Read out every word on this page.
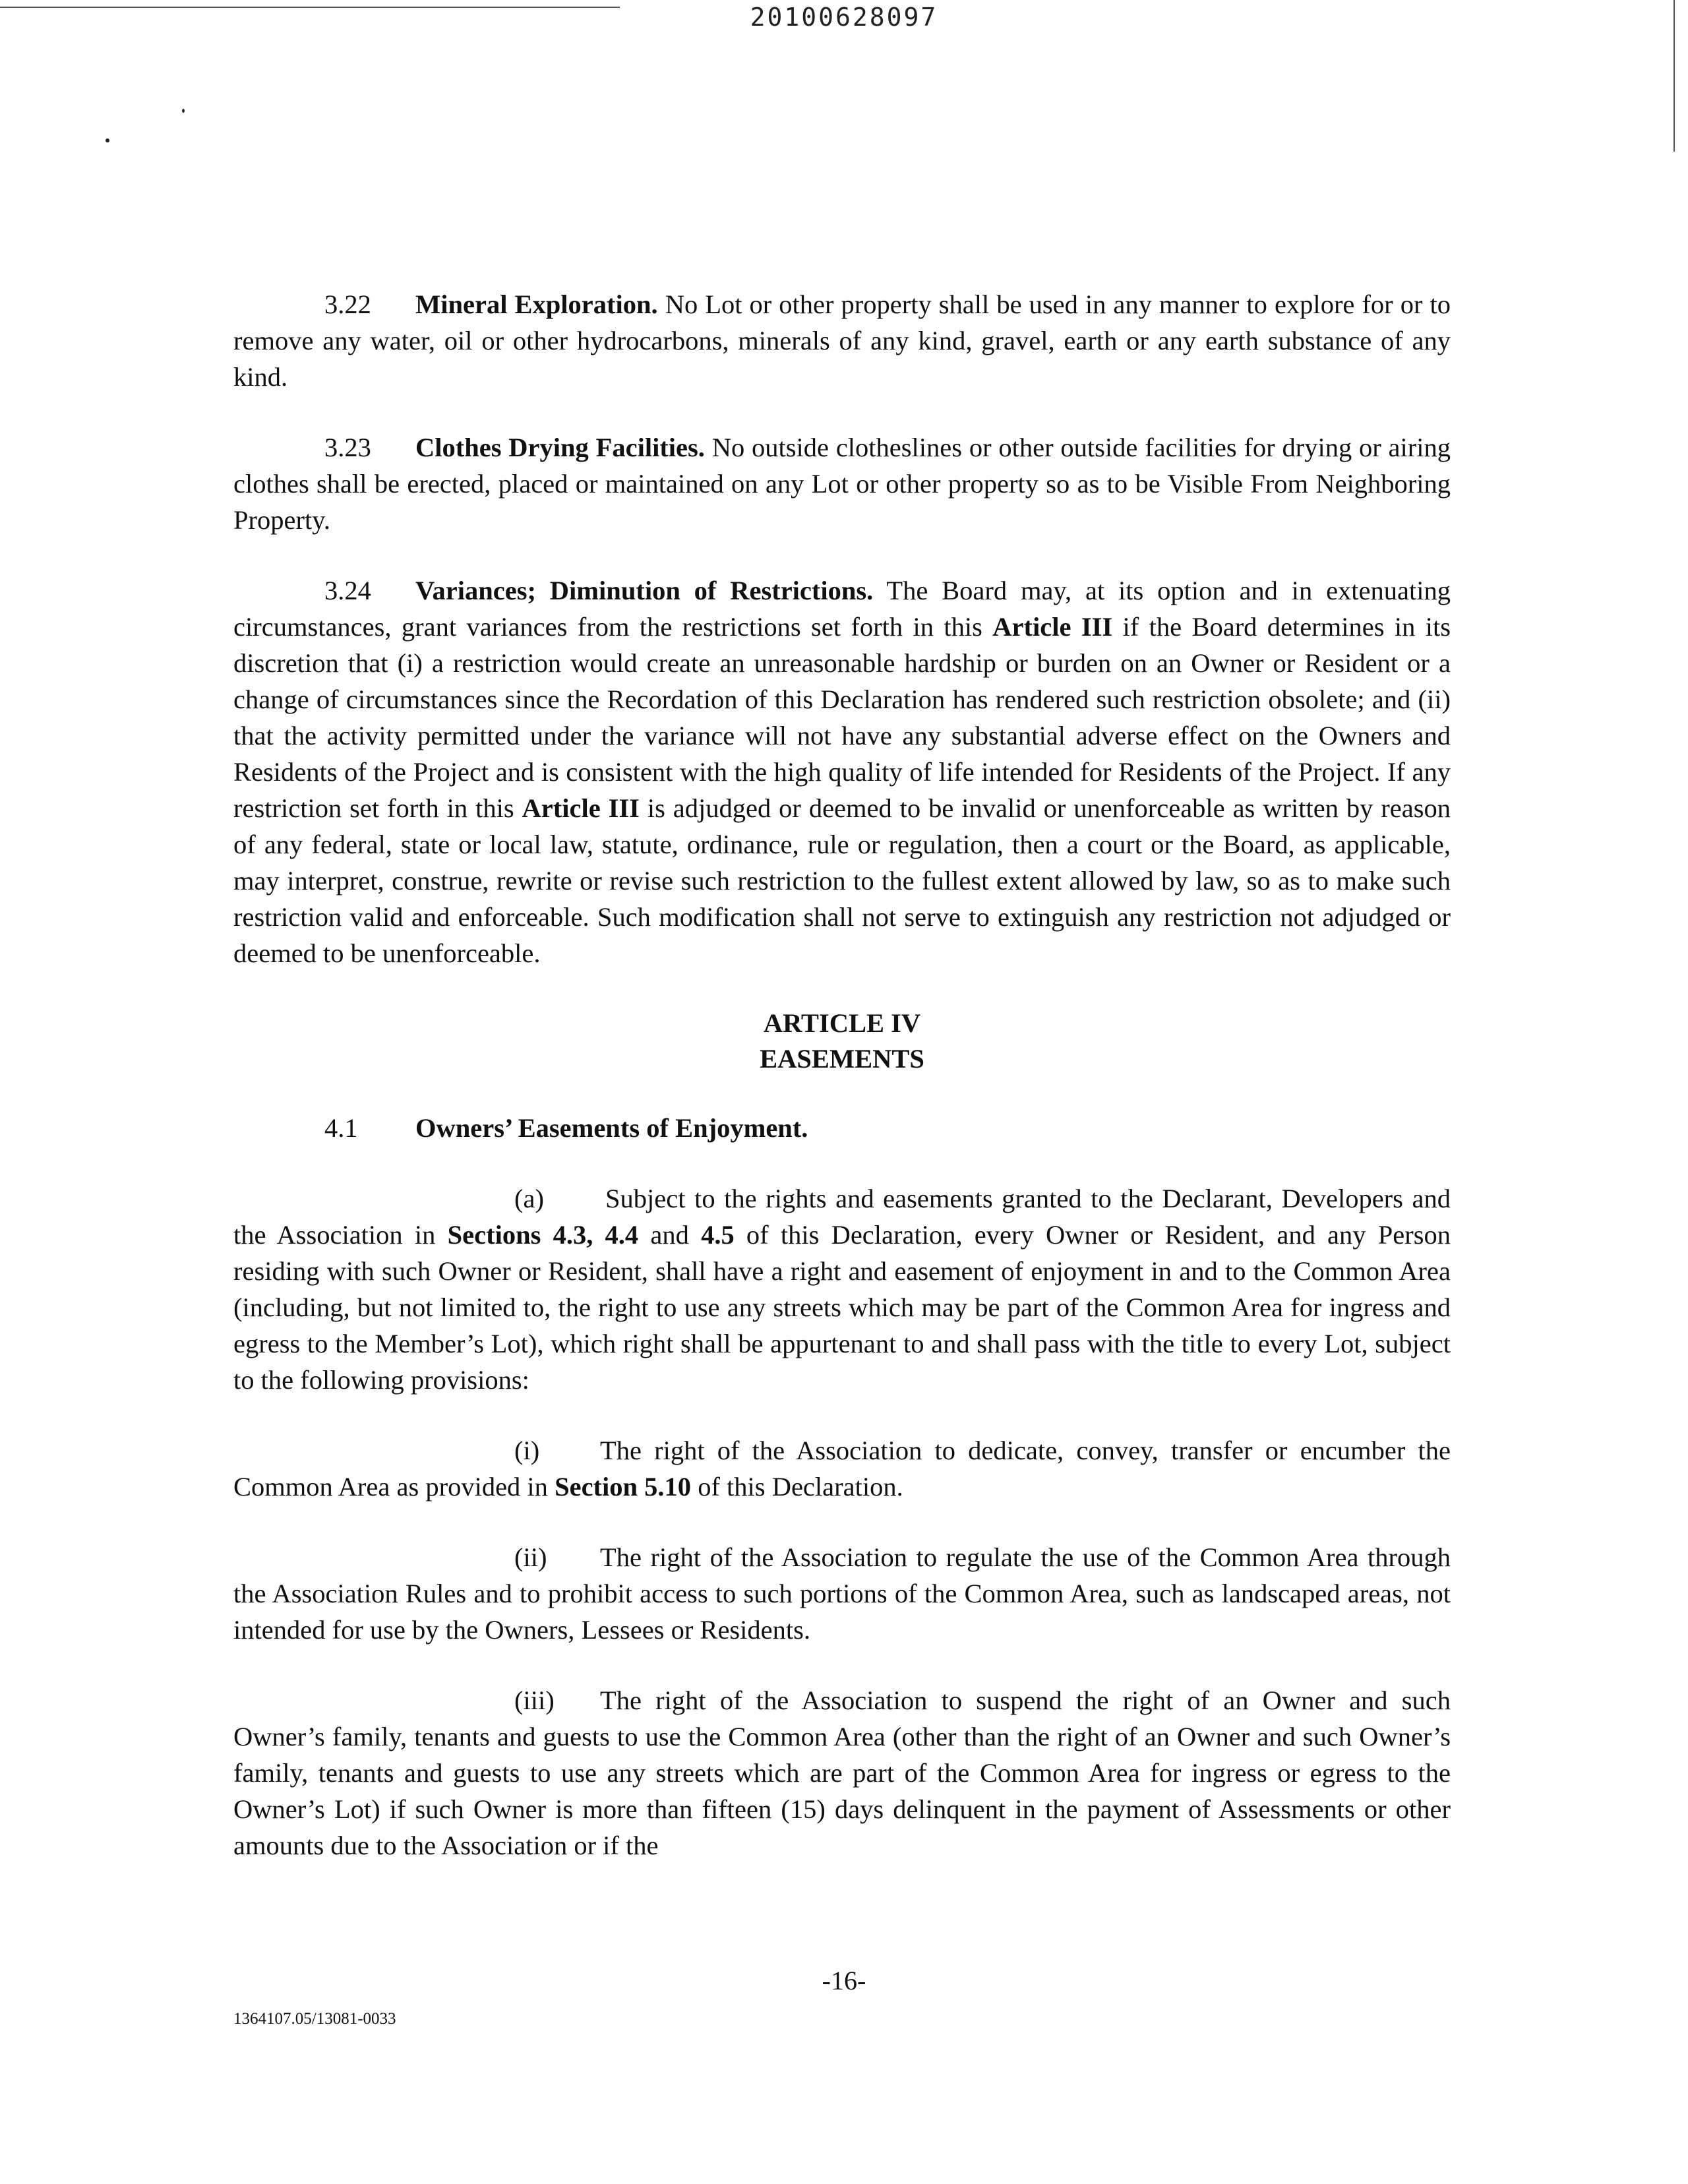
20100628097

3.22 Mineral Exploration. No Lot or other property shall be used in any manner to explore for or to remove any water, oil or other hydrocarbons, minerals of any kind, gravel, earth or any earth substance of any kind.

3.23 Clothes Drying Facilities. No outside clotheslines or other outside facilities for drying or airing clothes shall be erected, placed or maintained on any Lot or other property so as to be Visible From Neighboring Property.

3.24 Variances; Diminution of Restrictions. The Board may, at its option and in extenuating circumstances, grant variances from the restrictions set forth in this Article III if the Board determines in its discretion that (i) a restriction would create an unreasonable hardship or burden on an Owner or Resident or a change of circumstances since the Recordation of this Declaration has rendered such restriction obsolete; and (ii) that the activity permitted under the variance will not have any substantial adverse effect on the Owners and Residents of the Project and is consistent with the high quality of life intended for Residents of the Project. If any restriction set forth in this Article III is adjudged or deemed to be invalid or unenforceable as written by reason of any federal, state or local law, statute, ordinance, rule or regulation, then a court or the Board, as applicable, may interpret, construe, rewrite or revise such restriction to the fullest extent allowed by law, so as to make such restriction valid and enforceable. Such modification shall not serve to extinguish any restriction not adjudged or deemed to be unenforceable.

ARTICLE IV
EASEMENTS

4.1 Owners’ Easements of Enjoyment.

(a) Subject to the rights and easements granted to the Declarant, Developers and the Association in Sections 4.3, 4.4 and 4.5 of this Declaration, every Owner or Resident, and any Person residing with such Owner or Resident, shall have a right and easement of enjoyment in and to the Common Area (including, but not limited to, the right to use any streets which may be part of the Common Area for ingress and egress to the Member’s Lot), which right shall be appurtenant to and shall pass with the title to every Lot, subject to the following provisions:

(i) The right of the Association to dedicate, convey, transfer or encumber the Common Area as provided in Section 5.10 of this Declaration.

(ii) The right of the Association to regulate the use of the Common Area through the Association Rules and to prohibit access to such portions of the Common Area, such as landscaped areas, not intended for use by the Owners, Lessees or Residents.

(iii) The right of the Association to suspend the right of an Owner and such Owner’s family, tenants and guests to use the Common Area (other than the right of an Owner and such Owner’s family, tenants and guests to use any streets which are part of the Common Area for ingress or egress to the Owner’s Lot) if such Owner is more than fifteen (15) days delinquent in the payment of Assessments or other amounts due to the Association or if the

-16-
1364107.05/13081-0033
